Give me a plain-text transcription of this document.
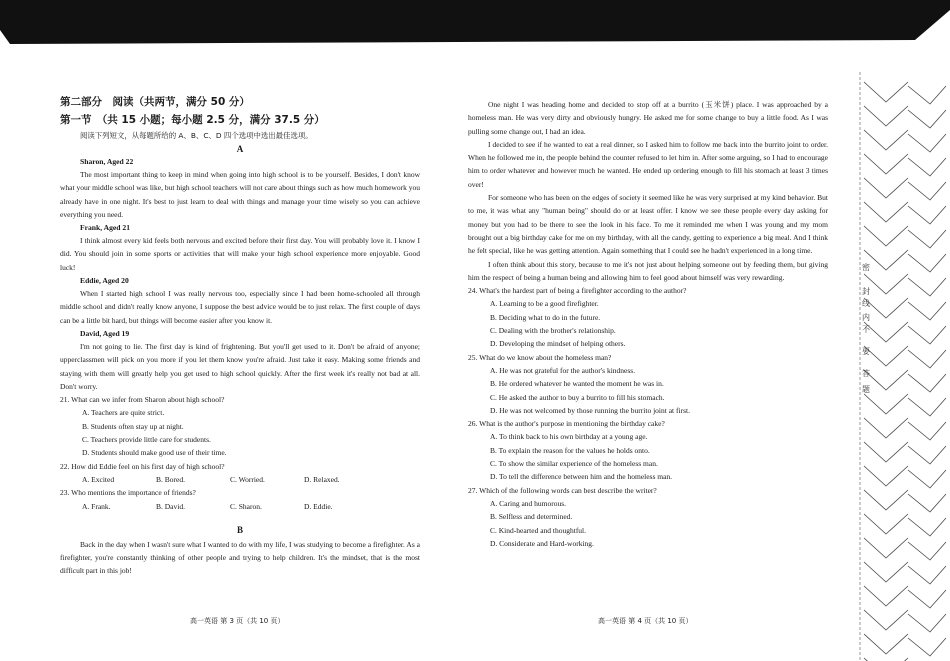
第二部分　阅读（共两节，满分 50 分）
第一节　（共 15 小题；每小题 2.5 分，满分 37.5 分）
阅读下列短文，从每题所给的 A、B、C、D 四个选项中选出最佳选项。
A
Sharon, Aged 22

The most important thing to keep in mind when going into high school is to be yourself. Besides, I don't know what your middle school was like, but high school teachers will not care about things such as how much homework you already have in one night. It's best to just learn to deal with things and manage your time wisely so you can achieve everything you need.

Frank, Aged 21

I think almost every kid feels both nervous and excited before their first day. You will probably love it. I know I did. You should join in some sports or activities that will make your high school experience more enjoyable. Good luck!

Eddie, Aged 20

When I started high school I was really nervous too, especially since I had been home-schooled all through middle school and didn't really know anyone, I suppose the best advice would be to just relax. The first couple of days can be a little bit hard, but things will become easier after you know it.

David, Aged 19

I'm not going to lie. The first day is kind of frightening. But you'll get used to it. Don't be afraid of anyone; upperclassmen will pick on you more if you let them know you're afraid. Just take it easy. Making some friends and staying with them will greatly help you get used to high school quickly. After the first week it's really not bad at all. Don't worry.

21. What can we infer from Sharon about high school?
A. Teachers are quite strict.
B. Students often stay up at night.
C. Teachers provide little care for students.
D. Students should make good use of their time.
22. How did Eddie feel on his first day of high school?
A. Excited	B. Bored.	C. Worried.	D. Relaxed.
23. Who mentions the importance of friends?
A. Frank.	B. David.	C. Sharon.	D. Eddie.
B

Back in the day when I wasn't sure what I wanted to do with my life, I was studying to become a firefighter. As a firefighter, you're constantly thinking of other people and trying to help children. It's the mindset, that is the most difficult part in this job!

高一英语 第 3 页（共 10 页）

One night I was heading home and decided to stop off at a burrito (玉米饼) place. I was approached by a homeless man. He was very dirty and obviously hungry. He asked me for some change to buy a little food. As I was pulling some change out, I had an idea.

I decided to see if he wanted to eat a real dinner, so I asked him to follow me back into the burrito joint to order. When he followed me in, the people behind the counter refused to let him in. After some arguing, so I had to encourage him to order whatever and however much he wanted. He ended up ordering enough to fill his stomach at least 3 times over!

For someone who has been on the edges of society it seemed like he was very surprised at my kind behavior. But to me, it was what any "human being" should do or at least offer. I know we see these people every day asking for money but you had to be there to see the look in his face. To me it reminded me when I was young and my mom brought out a big birthday cake for me on my birthday, with all the candy, getting to experience a big meal. And I think he felt special, like he was getting attention. Again something that I could see he hadn't experienced in a long time.

I often think about this story, because to me it's not just about helping someone out by feeding them, but giving him the respect of being a human being and allowing him to feel good about himself was very rewarding.

24. What's the hardest part of being a firefighter according to the author?
A. Learning to be a good firefighter.
B. Deciding what to do in the future.
C. Dealing with the brother's relationship.
D. Developing the mindset of helping others.
25. What do we know about the homeless man?
A. He was not grateful for the author's kindness.
B. He ordered whatever he wanted the moment he was in.
C. He asked the author to buy a burrito to fill his stomach.
D. He was not welcomed by those running the burrito joint at first.
26. What is the author's purpose in mentioning the birthday cake?
A. To think back to his own birthday at a young age.
B. To explain the reason for the values he holds onto.
C. To show the similar experience of the homeless man.
D. To tell the difference between him and the homeless man.
27. Which of the following words can best describe the writer?
A. Caring and humorous.
B. Selfless and determined.
C. Kind-hearted and thoughtful.
D. Considerate and Hard-working.
高一英语 第 4 页（共 10 页）
密
封
线
内
不
要
答
题
